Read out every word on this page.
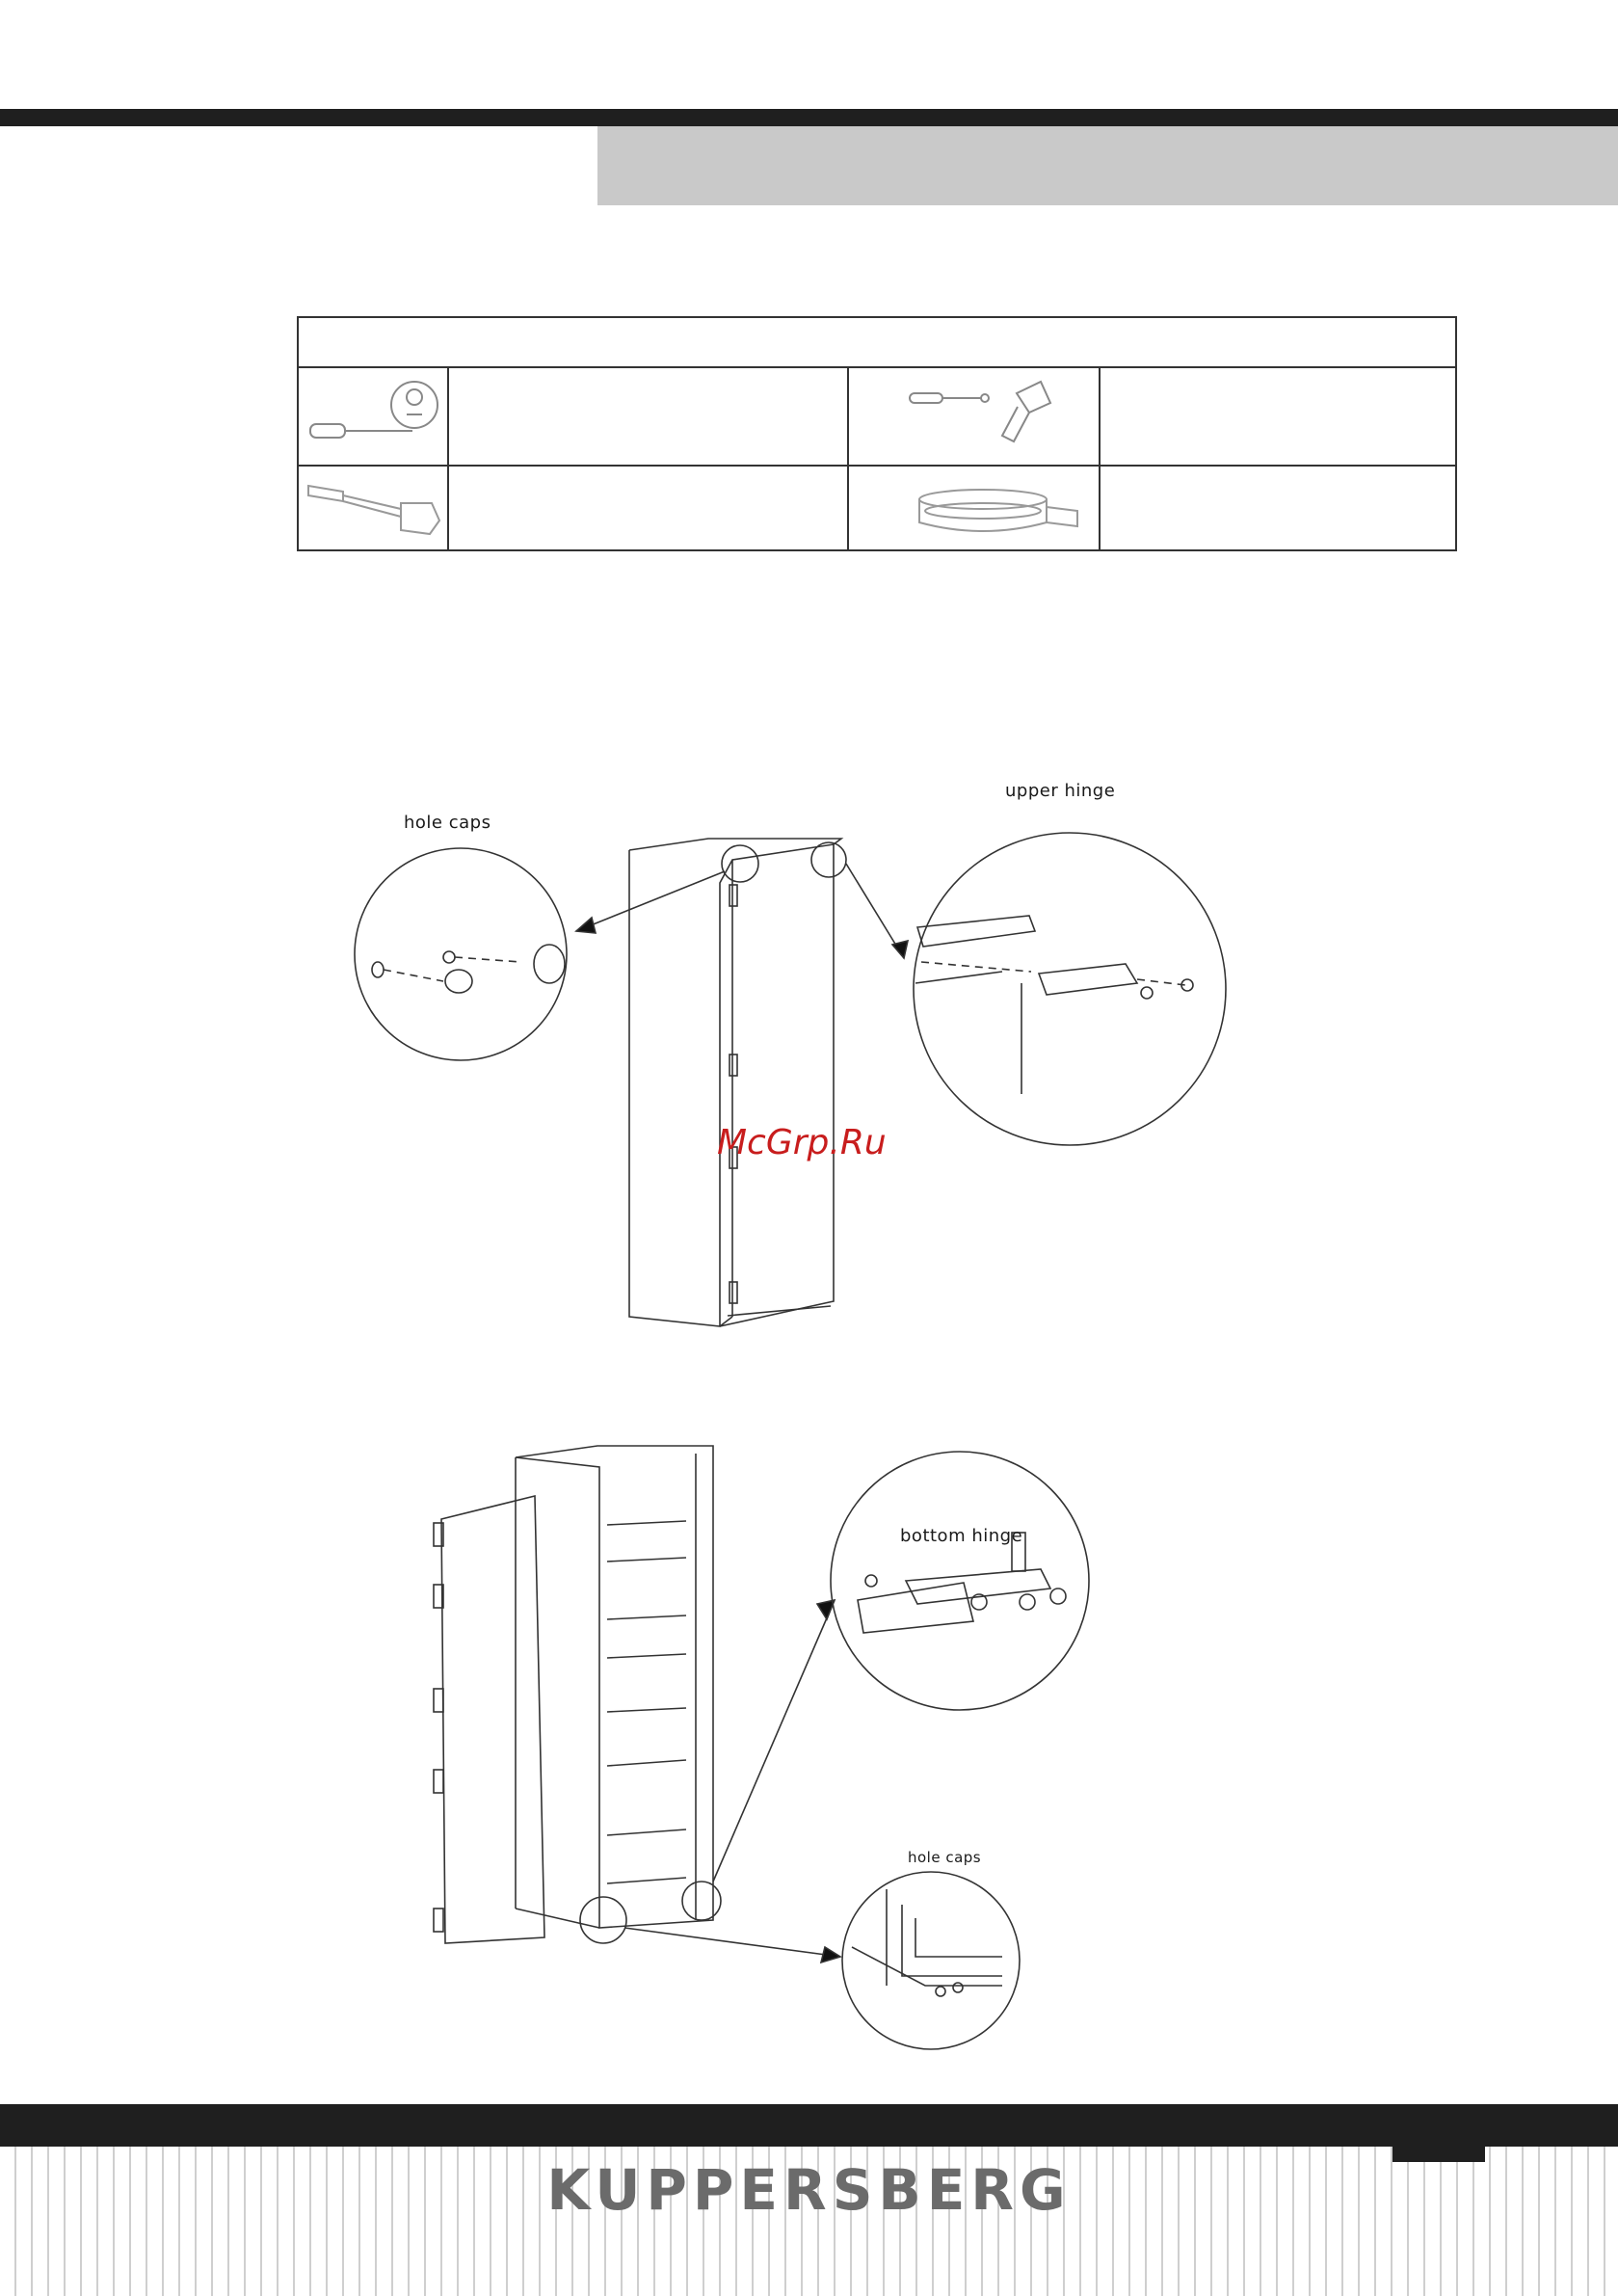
hole caps
upper hinge
McGrp.Ru
bottom hinge
hole caps
KUPPERSBERG
